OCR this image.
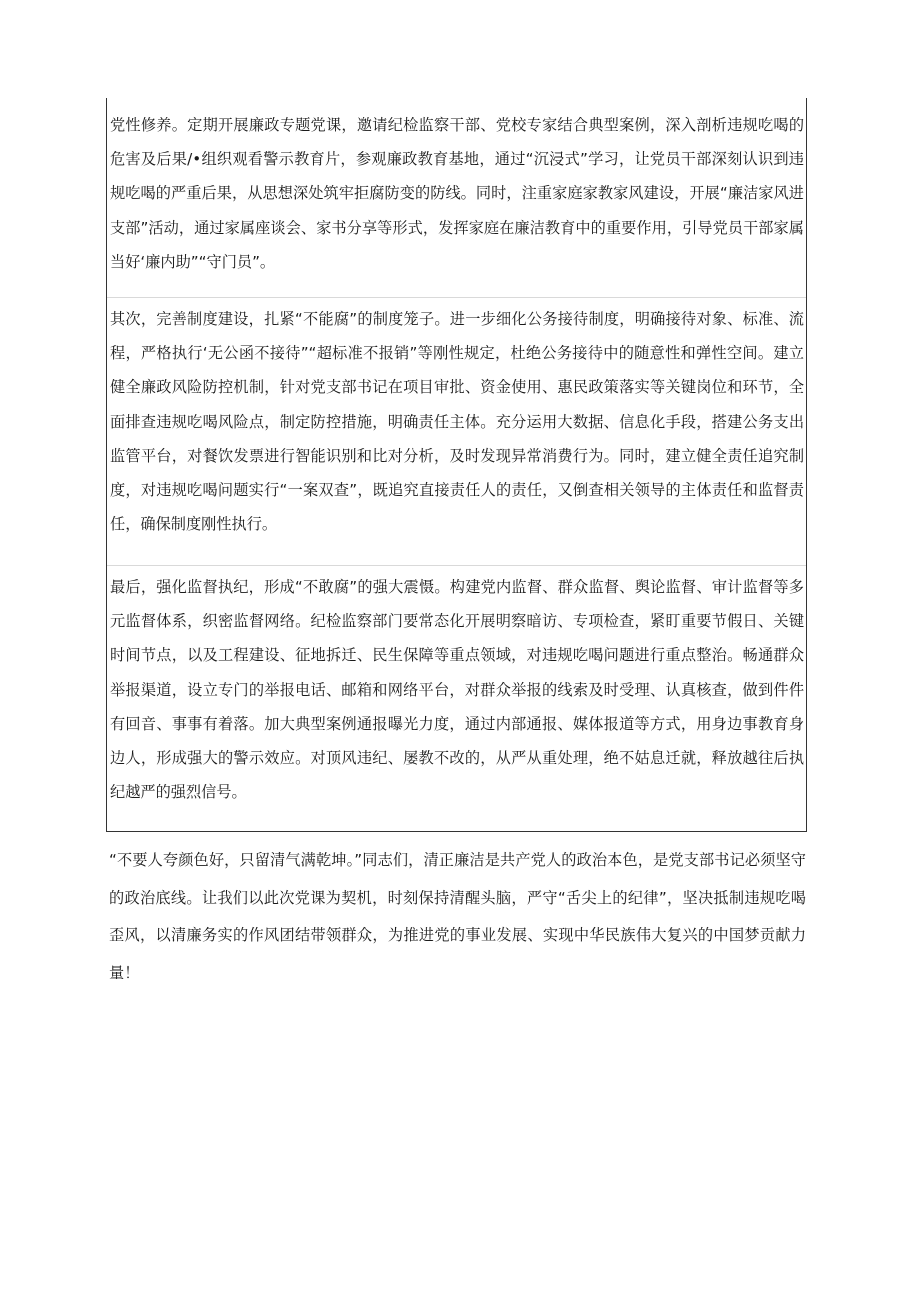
党性修养。定期开展廉政专题党课，邀请纪检监察干部、党校专家结合典型案例，深入剖析违规吃喝的危害及后果/•组织观看警示教育片，参观廉政教育基地，通过“沉浸式”学习，让党员干部深刻认识到违规吃喝的严重后果，从思想深处筑牢拒腐防变的防线。同时，注重家庭家教家风建设，开展“廉洁家风进支部”活动，通过家属座谈会、家书分享等形式，发挥家庭在廉洁教育中的重要作用，引导党员干部家属当好‘廉内助”“守门员”。

其次，完善制度建设，扎紧“不能腐”的制度笼子。进一步细化公务接待制度，明确接待对象、标准、流程，严格执行‘无公函不接待”“超标准不报销”等刚性规定，杜绝公务接待中的随意性和弹性空间。建立健全廉政风险防控机制，针对党支部书记在项目审批、资金使用、惠民政策落实等关键岗位和环节，全面排查违规吃喝风险点，制定防控措施，明确责任主体。充分运用大数据、信息化手段，搭建公务支出监管平台，对餐饮发票进行智能识别和比对分析，及时发现异常消费行为。同时，建立健全责任追究制度，对违规吃喝问题实行“一案双查”，既追究直接责任人的责任，又倒查相关领导的主体责任和监督责任，确保制度刚性执行。

最后，强化监督执纪，形成“不敢腐”的强大震慑。构建党内监督、群众监督、舆论监督、审计监督等多元监督体系，织密监督网络。纪检监察部门要常态化开展明察暗访、专项检查，紧盯重要节假日、关键时间节点，以及工程建设、征地拆迁、民生保障等重点领域，对违规吃喝问题进行重点整治。畅通群众举报渠道，设立专门的举报电话、邮箱和网络平台，对群众举报的线索及时受理、认真核查，做到件件有回音、事事有着落。加大典型案例通报曝光力度，通过内部通报、媒体报道等方式，用身边事教育身边人，形成强大的警示效应。对顶风违纪、屡教不改的，从严从重处理，绝不姑息迁就，释放越往后执纪越严的强烈信号。

“不要人夸颜色好，只留清气满乾坤。”同志们，清正廉洁是共产党人的政治本色，是党支部书记必须坚守的政治底线。让我们以此次党课为契机，时刻保持清醒头脑，严守“舌尖上的纪律”，坚决抵制违规吃喝歪风，以清廉务实的作风团结带领群众，为推进党的事业发展、实现中华民族伟大复兴的中国梦贡献力量！
